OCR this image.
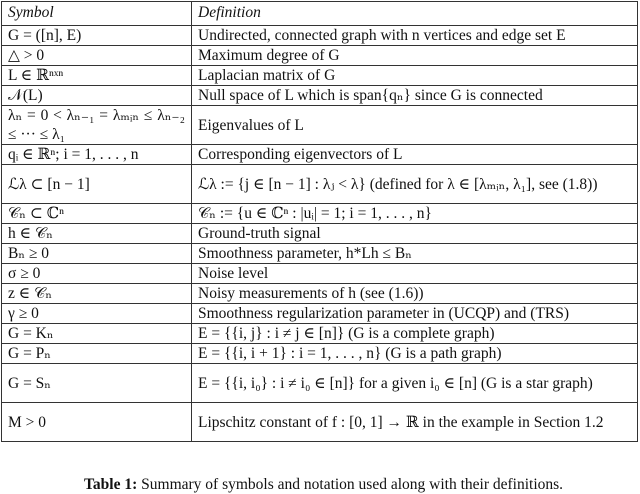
Symbol	Definition

G = ([n], E)	Undirected, connected graph with n vertices and edge set E
△ > 0	Maximum degree of G
L ∈ ℝⁿˣⁿ	Laplacian matrix of G
𝒩(L)	Null space of L which is span{qₙ} since G is connected
λₙ = 0 < λₙ₋₁ = λₘᵢₙ ≤ λₙ₋₂ ≤ ··· ≤ λ₁	Eigenvalues of L
qᵢ ∈ ℝⁿ; i = 1, . . . , n	Corresponding eigenvectors of L
ℒλ ⊂ [n − 1]	ℒλ := {j ∈ [n − 1] : λⱼ < λ} (defined for λ ∈ [λₘᵢₙ, λ₁], see (1.8))
𝒞ₙ ⊂ ℂⁿ	𝒞ₙ := {u ∈ ℂⁿ : |uᵢ| = 1; i = 1, . . . , n}
h ∈ 𝒞ₙ	Ground-truth signal
Bₙ ≥ 0	Smoothness parameter, h*Lh ≤ Bₙ
σ ≥ 0	Noise level
z ∈ 𝒞ₙ	Noisy measurements of h (see (1.6))
γ ≥ 0	Smoothness regularization parameter in (UCQP) and (TRS)
G = Kₙ	E = {{i, j} : i ≠ j ∈ [n]} (G is a complete graph)
G = Pₙ	E = {{i, i + 1} : i = 1, . . . , n} (G is a path graph)
G = Sₙ	E = {{i, i₀} : i ≠ i₀ ∈ [n]} for a given i₀ ∈ [n] (G is a star graph)
M > 0	Lipschitz constant of f : [0, 1] → ℝ in the example in Section 1.2
Table 1: Summary of symbols and notation used along with their definitions.
